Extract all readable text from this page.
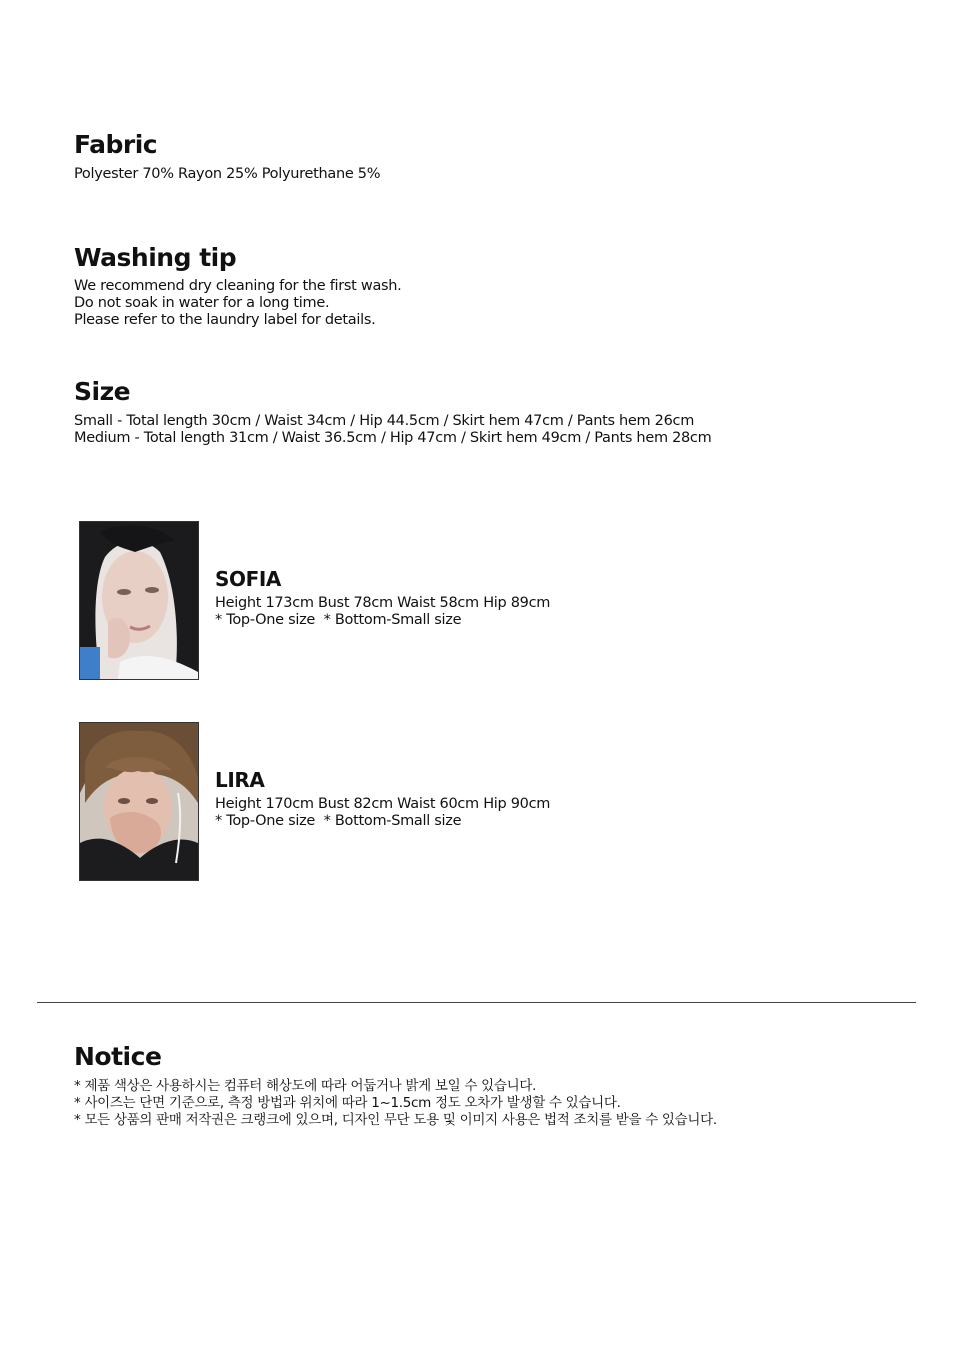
Fabric

Polyester 70% Rayon 25% Polyurethane 5%

Washing tip

We recommend dry cleaning for the first wash.
Do not soak in water for a long time.
Please refer to the laundry label for details.

Size

Small - Total length 30cm / Waist 34cm / Hip 44.5cm / Skirt hem 47cm / Pants hem 26cm
Medium - Total length 31cm / Waist 36.5cm / Hip 47cm / Skirt hem 49cm / Pants hem 28cm

SOFIA

Height 173cm Bust 78cm Waist 58cm Hip 89cm
* Top-One size  * Bottom-Small size

LIRA

Height 170cm Bust 82cm Waist 60cm Hip 90cm
* Top-One size  * Bottom-Small size

Notice

* 제품 색상은 사용하시는 컴퓨터 해상도에 따라 어둡거나 밝게 보일 수 있습니다.
* 사이즈는 단면 기준으로, 측정 방법과 위치에 따라 1~1.5cm 정도 오차가 발생할 수 있습니다.
* 모든 상품의 판매 저작권은 크랭크에 있으며, 디자인 무단 도용 및 이미지 사용은 법적 조치를 받을 수 있습니다.
